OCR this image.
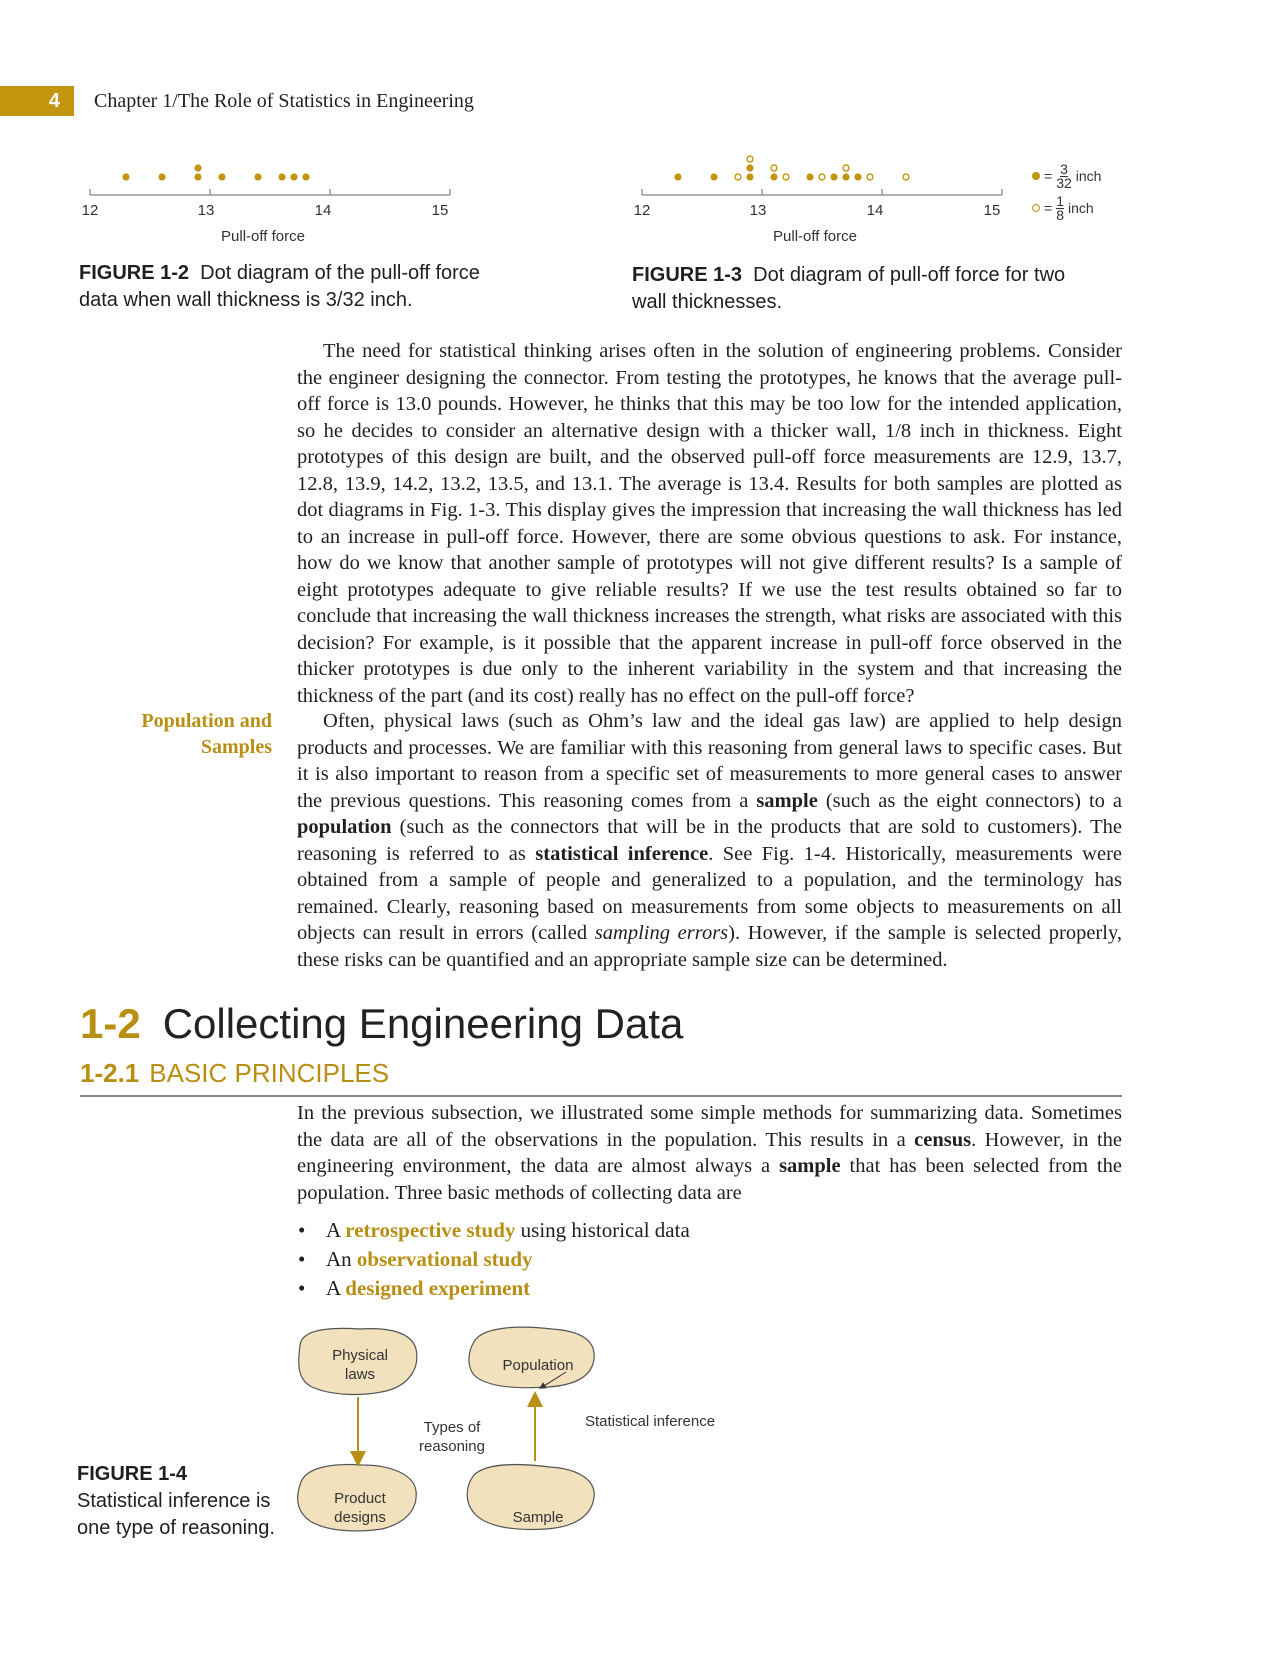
4	Chapter 1/The Role of Statistics in Engineering
12	13	14	15
Pull-off force
FIGURE 1-2 Dot diagram of the pull-off force data when wall thickness is 3/32 inch.
12	13	14	15
Pull-off force
= $\frac{3}{32}$ inch
= $\frac{1}{8}$ inch
FIGURE 1-3 Dot diagram of pull-off force for two wall thicknesses.

The need for statistical thinking arises often in the solution of engineering problems. Consider the engineer designing the connector. From testing the prototypes, he knows that the average pull-off force is 13.0 pounds. However, he thinks that this may be too low for the intended application, so he decides to consider an alternative design with a thicker wall, 1/8 inch in thickness. Eight prototypes of this design are built, and the observed pull-off force measurements are 12.9, 13.7, 12.8, 13.9, 14.2, 13.2, 13.5, and 13.1. The average is 13.4. Results for both samples are plotted as dot diagrams in Fig. 1-3. This display gives the impression that increasing the wall thickness has led to an increase in pull-off force. However, there are some obvious questions to ask. For instance, how do we know that another sample of prototypes will not give different results? Is a sample of eight prototypes adequate to give reliable results? If we use the test results obtained so far to conclude that increasing the wall thickness increases the strength, what risks are associated with this decision? For example, is it possible that the apparent increase in pull-off force observed in the thicker prototypes is due only to the inherent variability in the system and that increasing the thickness of the part (and its cost) really has no effect on the pull-off force?

Population and
Samples

Often, physical laws (such as Ohm’s law and the ideal gas law) are applied to help design products and processes. We are familiar with this reasoning from general laws to specific cases. But it is also important to reason from a specific set of measurements to more general cases to answer the previous questions. This reasoning comes from a sample (such as the eight connectors) to a population (such as the connectors that will be in the products that are sold to customers). The reasoning is referred to as statistical inference. See Fig. 1-4. Historically, measurements were obtained from a sample of people and generalized to a population, and the terminology has remained. Clearly, reasoning based on measurements from some objects to measurements on all objects can result in errors (called sampling errors). However, if the sample is selected properly, these risks can be quantified and an appropriate sample size can be determined.

1-2 Collecting Engineering Data
1-2.1 BASIC PRINCIPLES

In the previous subsection, we illustrated some simple methods for summarizing data. Sometimes the data are all of the observations in the population. This results in a census. However, in the engineering environment, the data are almost always a sample that has been selected from the population. Three basic methods of collecting data are

• A retrospective study using historical data
• An observational study
• A designed experiment
Physical
laws
Population
Product
designs	Sample
Types of
reasoning
Statistical inference
FIGURE 1-4
Statistical inference is one type of reasoning.
